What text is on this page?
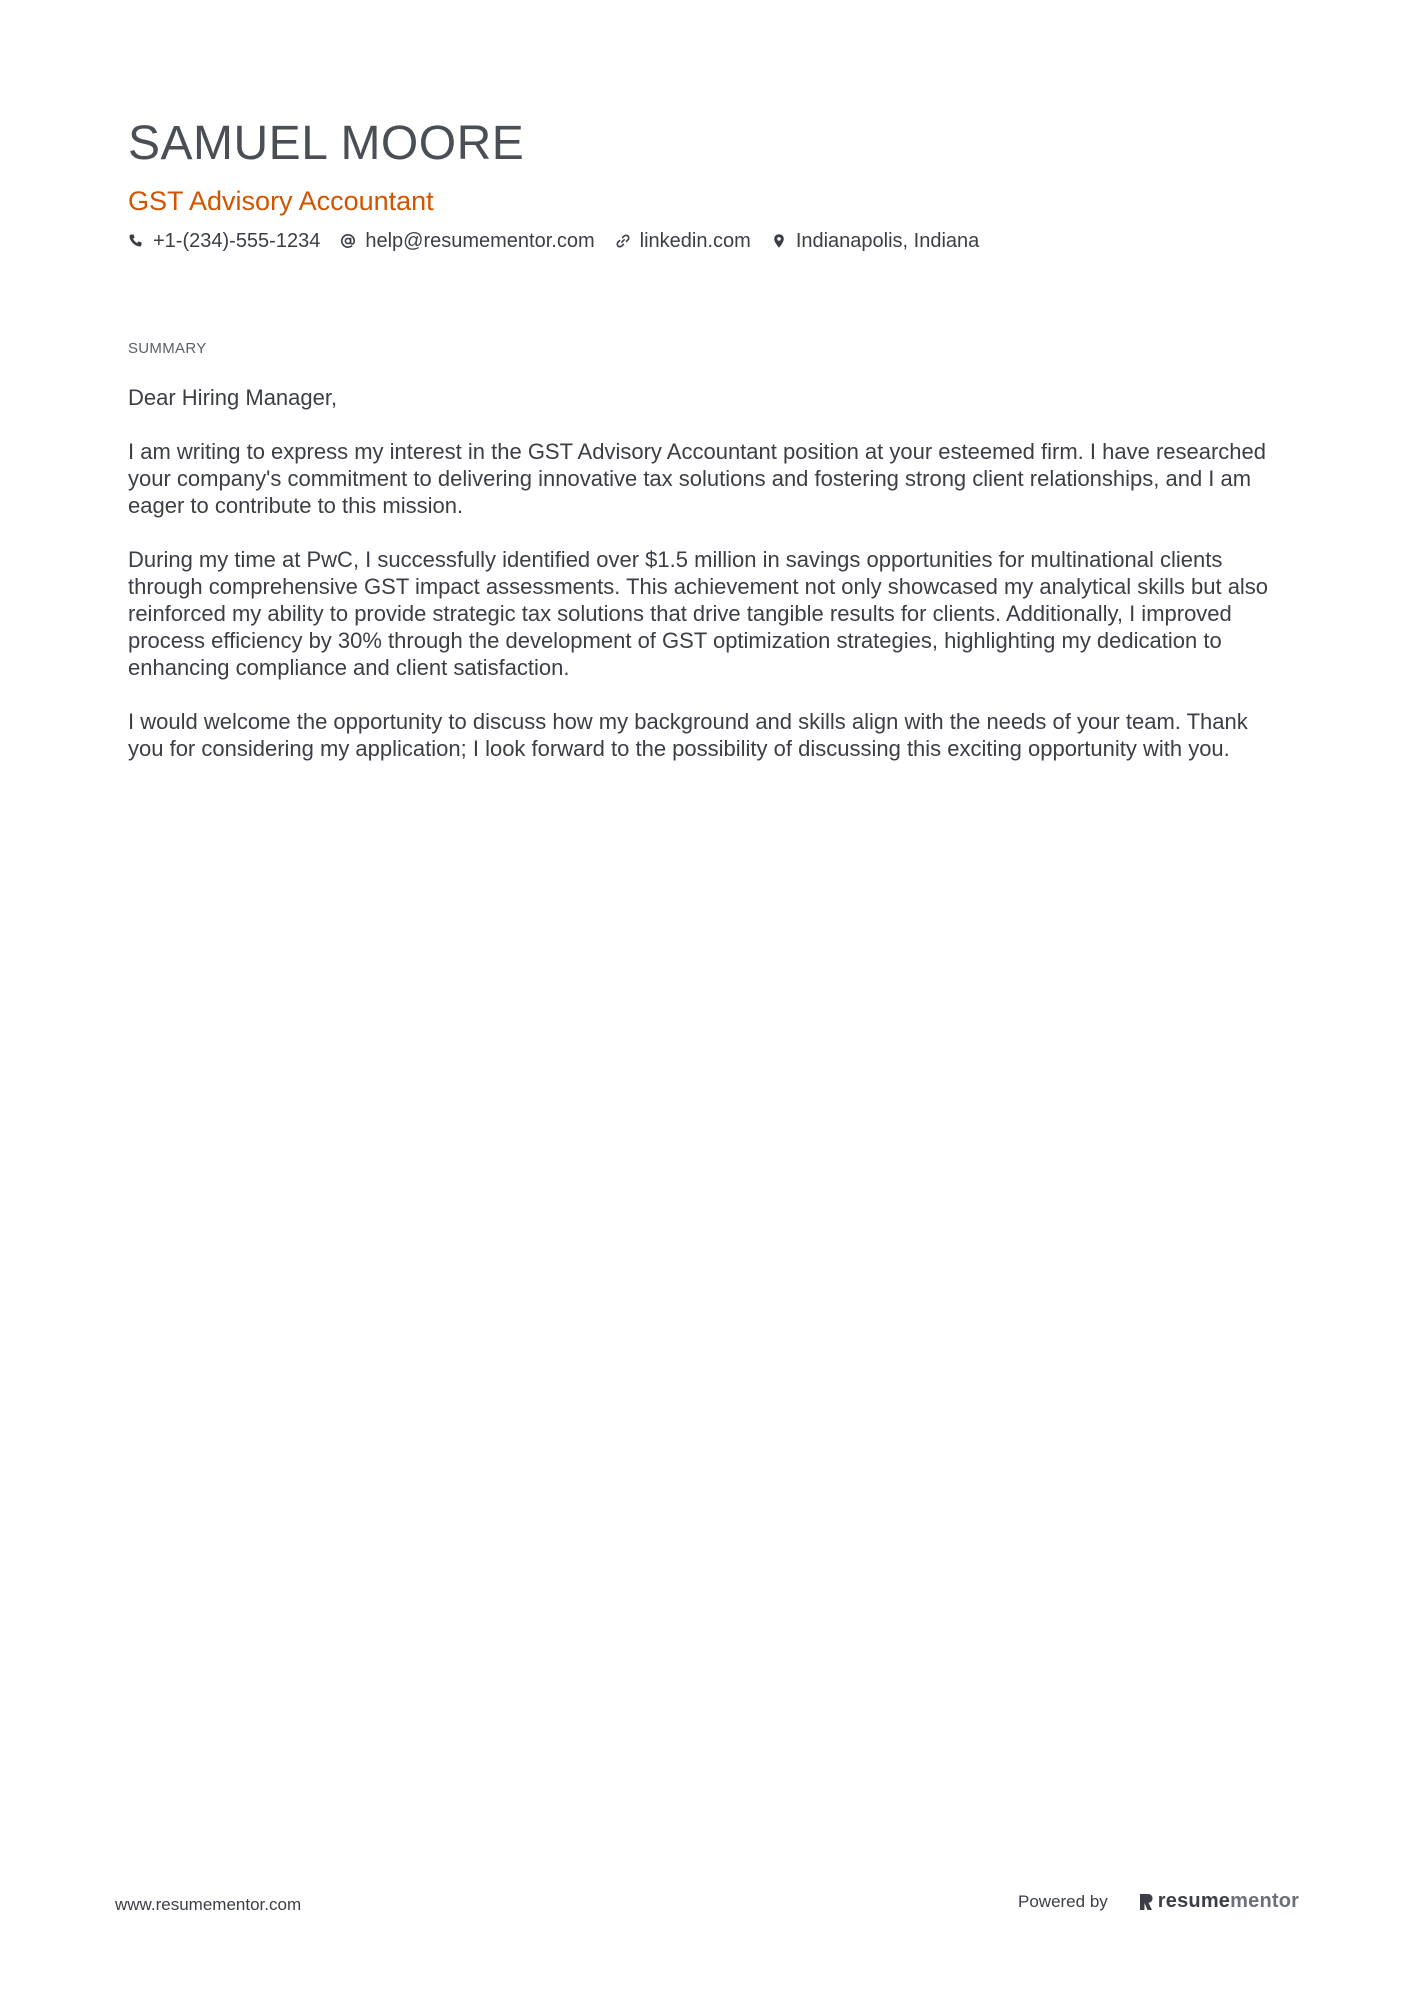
SAMUEL MOORE
GST Advisory Accountant
+1-(234)-555-1234 help@resumementor.com linkedin.com Indianapolis, Indiana
SUMMARY

Dear Hiring Manager,

I am writing to express my interest in the GST Advisory Accountant position at your esteemed firm. I have researched your company's commitment to delivering innovative tax solutions and fostering strong client relationships, and I am eager to contribute to this mission.

During my time at PwC, I successfully identified over $1.5 million in savings opportunities for multinational clients through comprehensive GST impact assessments. This achievement not only showcased my analytical skills but also reinforced my ability to provide strategic tax solutions that drive tangible results for clients. Additionally, I improved process efficiency by 30% through the development of GST optimization strategies, highlighting my dedication to enhancing compliance and client satisfaction.

I would welcome the opportunity to discuss how my background and skills align with the needs of your team. Thank you for considering my application; I look forward to the possibility of discussing this exciting opportunity with you.

www.resumementor.com	Powered by	resume mentor
